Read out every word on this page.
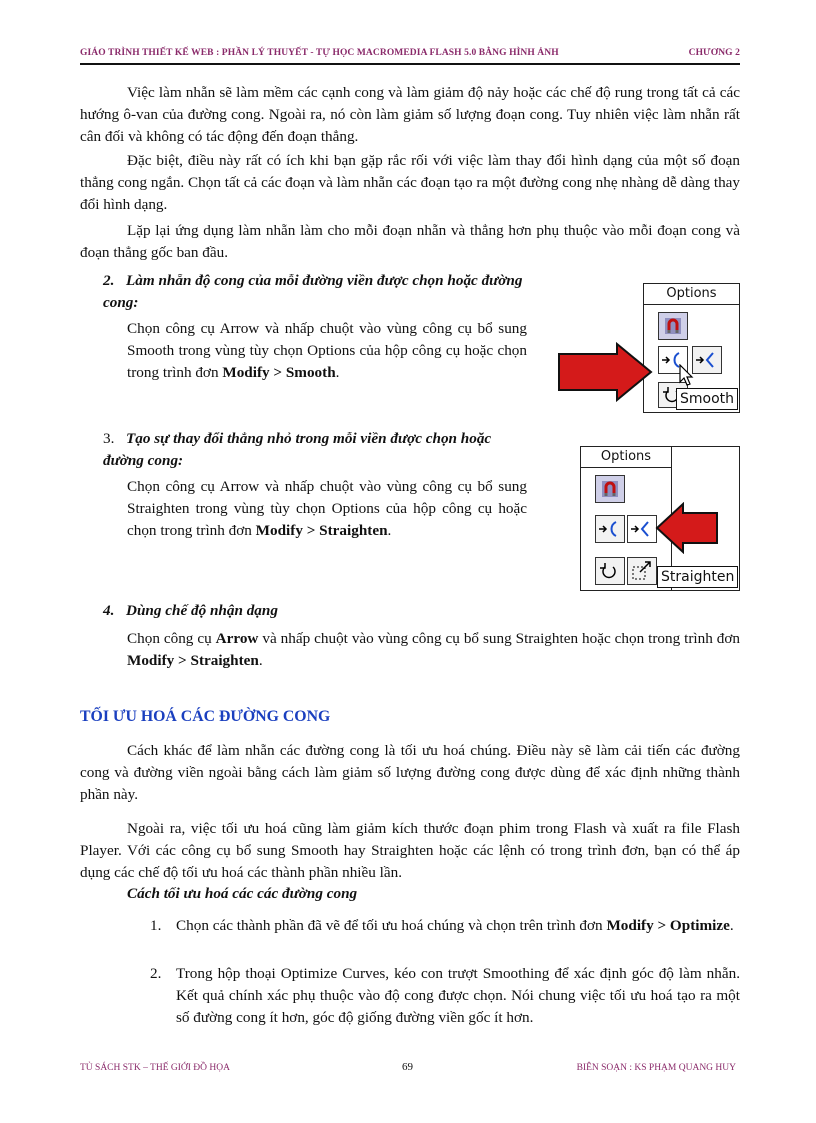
GIÁO TRÌNH THIẾT KẾ WEB : PHẦN LÝ THUYẾT - TỰ HỌC MACROMEDIA FLASH 5.0 BẰNG HÌNH ẢNH	CHƯƠNG 2

Việc làm nhẵn sẽ làm mềm các cạnh cong và làm giảm độ nảy hoặc các chế độ rung trong tất cả các hướng ô-van của đường cong. Ngoài ra, nó còn làm giảm số lượng đoạn cong. Tuy nhiên việc làm nhẵn rất cân đối và không có tác động đến đoạn thẳng.

Đặc biệt, điều này rất có ích khi bạn gặp rắc rối với việc làm thay đổi hình dạng của một số đoạn thẳng cong ngắn. Chọn tất cả các đoạn và làm nhẵn các đoạn tạo ra một đường cong nhẹ nhàng dễ dàng thay đổi hình dạng.

Lặp lại ứng dụng làm nhẵn làm cho mỗi đoạn nhẵn và thẳng hơn phụ thuộc vào mỗi đoạn cong và đoạn thẳng gốc ban đầu.

2. Làm nhẵn độ cong của mỗi đường viền được chọn hoặc đường cong:

Chọn công cụ Arrow và nhấp chuột vào vùng công cụ bổ sung Smooth trong vùng tùy chọn Options của hộp công cụ hoặc chọn trong trình đơn Modify > Smooth.

Options
Smooth

3. Tạo sự thay đổi thẳng nhỏ trong mỗi viền được chọn hoặc đường cong:

Chọn công cụ Arrow và nhấp chuột vào vùng công cụ bổ sung Straighten trong vùng tùy chọn Options của hộp công cụ hoặc chọn trong trình đơn Modify > Straighten.

Options
Straighten

4. Dùng chế độ nhận dạng

Chọn công cụ Arrow và nhấp chuột vào vùng công cụ bổ sung Straighten hoặc chọn trong trình đơn Modify > Straighten.

TỐI ƯU HOÁ CÁC ĐƯỜNG CONG

Cách khác để làm nhẵn các đường cong là tối ưu hoá chúng. Điều này sẽ làm cải tiến các đường cong và đường viền ngoài bằng cách làm giảm số lượng đường cong được dùng để xác định những thành phần này.

Ngoài ra, việc tối ưu hoá cũng làm giảm kích thước đoạn phim trong Flash và xuất ra file Flash Player. Với các công cụ bổ sung Smooth hay Straighten hoặc các lệnh có trong trình đơn, bạn có thể áp dụng các chế độ tối ưu hoá các thành phần nhiều lần.

Cách tối ưu hoá các các đường cong

1. Chọn các thành phần đã vẽ để tối ưu hoá chúng và chọn trên trình đơn Modify > Optimize.
2. Trong hộp thoại Optimize Curves, kéo con trượt Smoothing để xác định góc độ làm nhẵn. Kết quả chính xác phụ thuộc vào độ cong được chọn. Nói chung việc tối ưu hoá tạo ra một số đường cong ít hơn, góc độ giống đường viền gốc ít hơn.
TỦ SÁCH STK – THẾ GIỚI ĐỒ HỌA	69	BIÊN SOẠN : KS PHẠM QUANG HUY
